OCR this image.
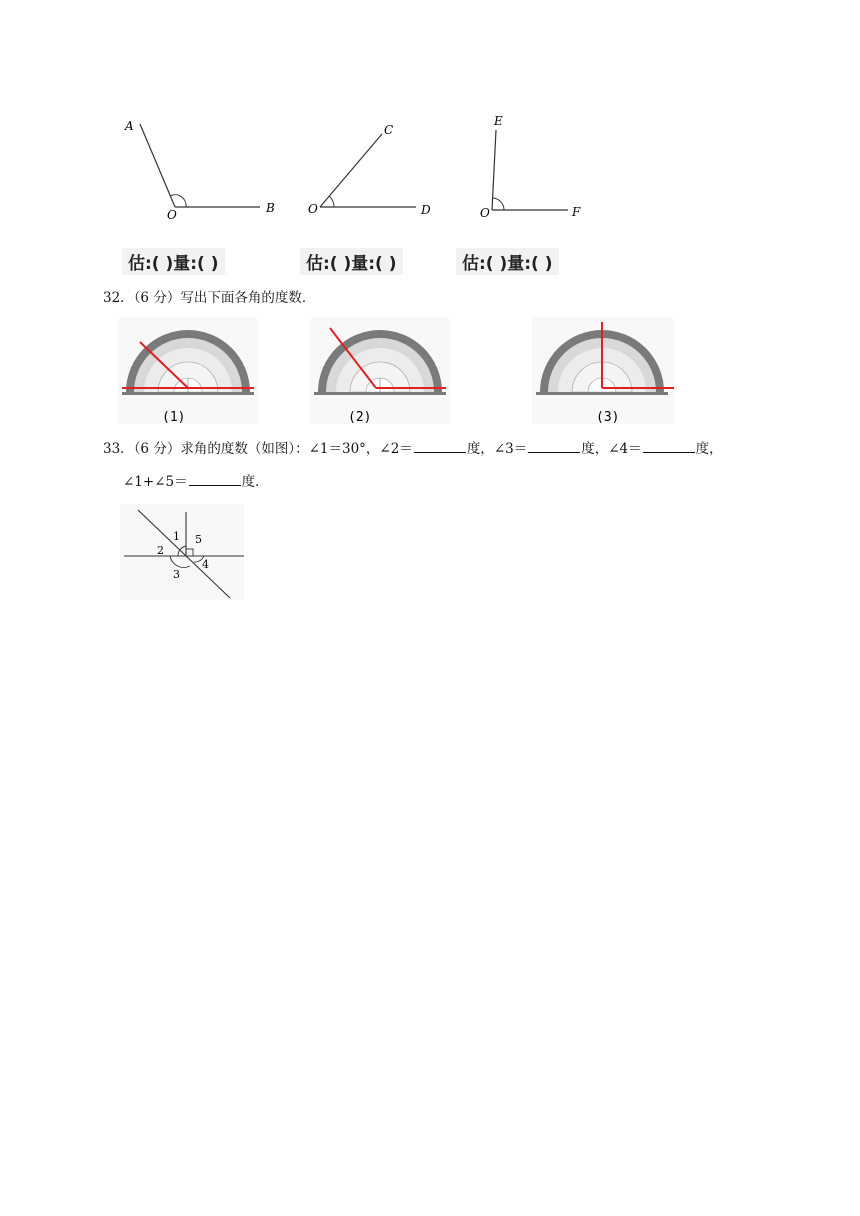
A
O	B
C
O	D
E
O	F
估:( )量:( )	估:( )量:( )	估:( )量:( )
32．（6 分）写出下面各角的度数．
(1)	(2)	(3)
33．（6 分）求角的度数（如图）：∠1＝30°，∠2＝	度，∠3＝	度，∠4＝	度，
∠1+∠5＝	度．
1
2
3
4
5
